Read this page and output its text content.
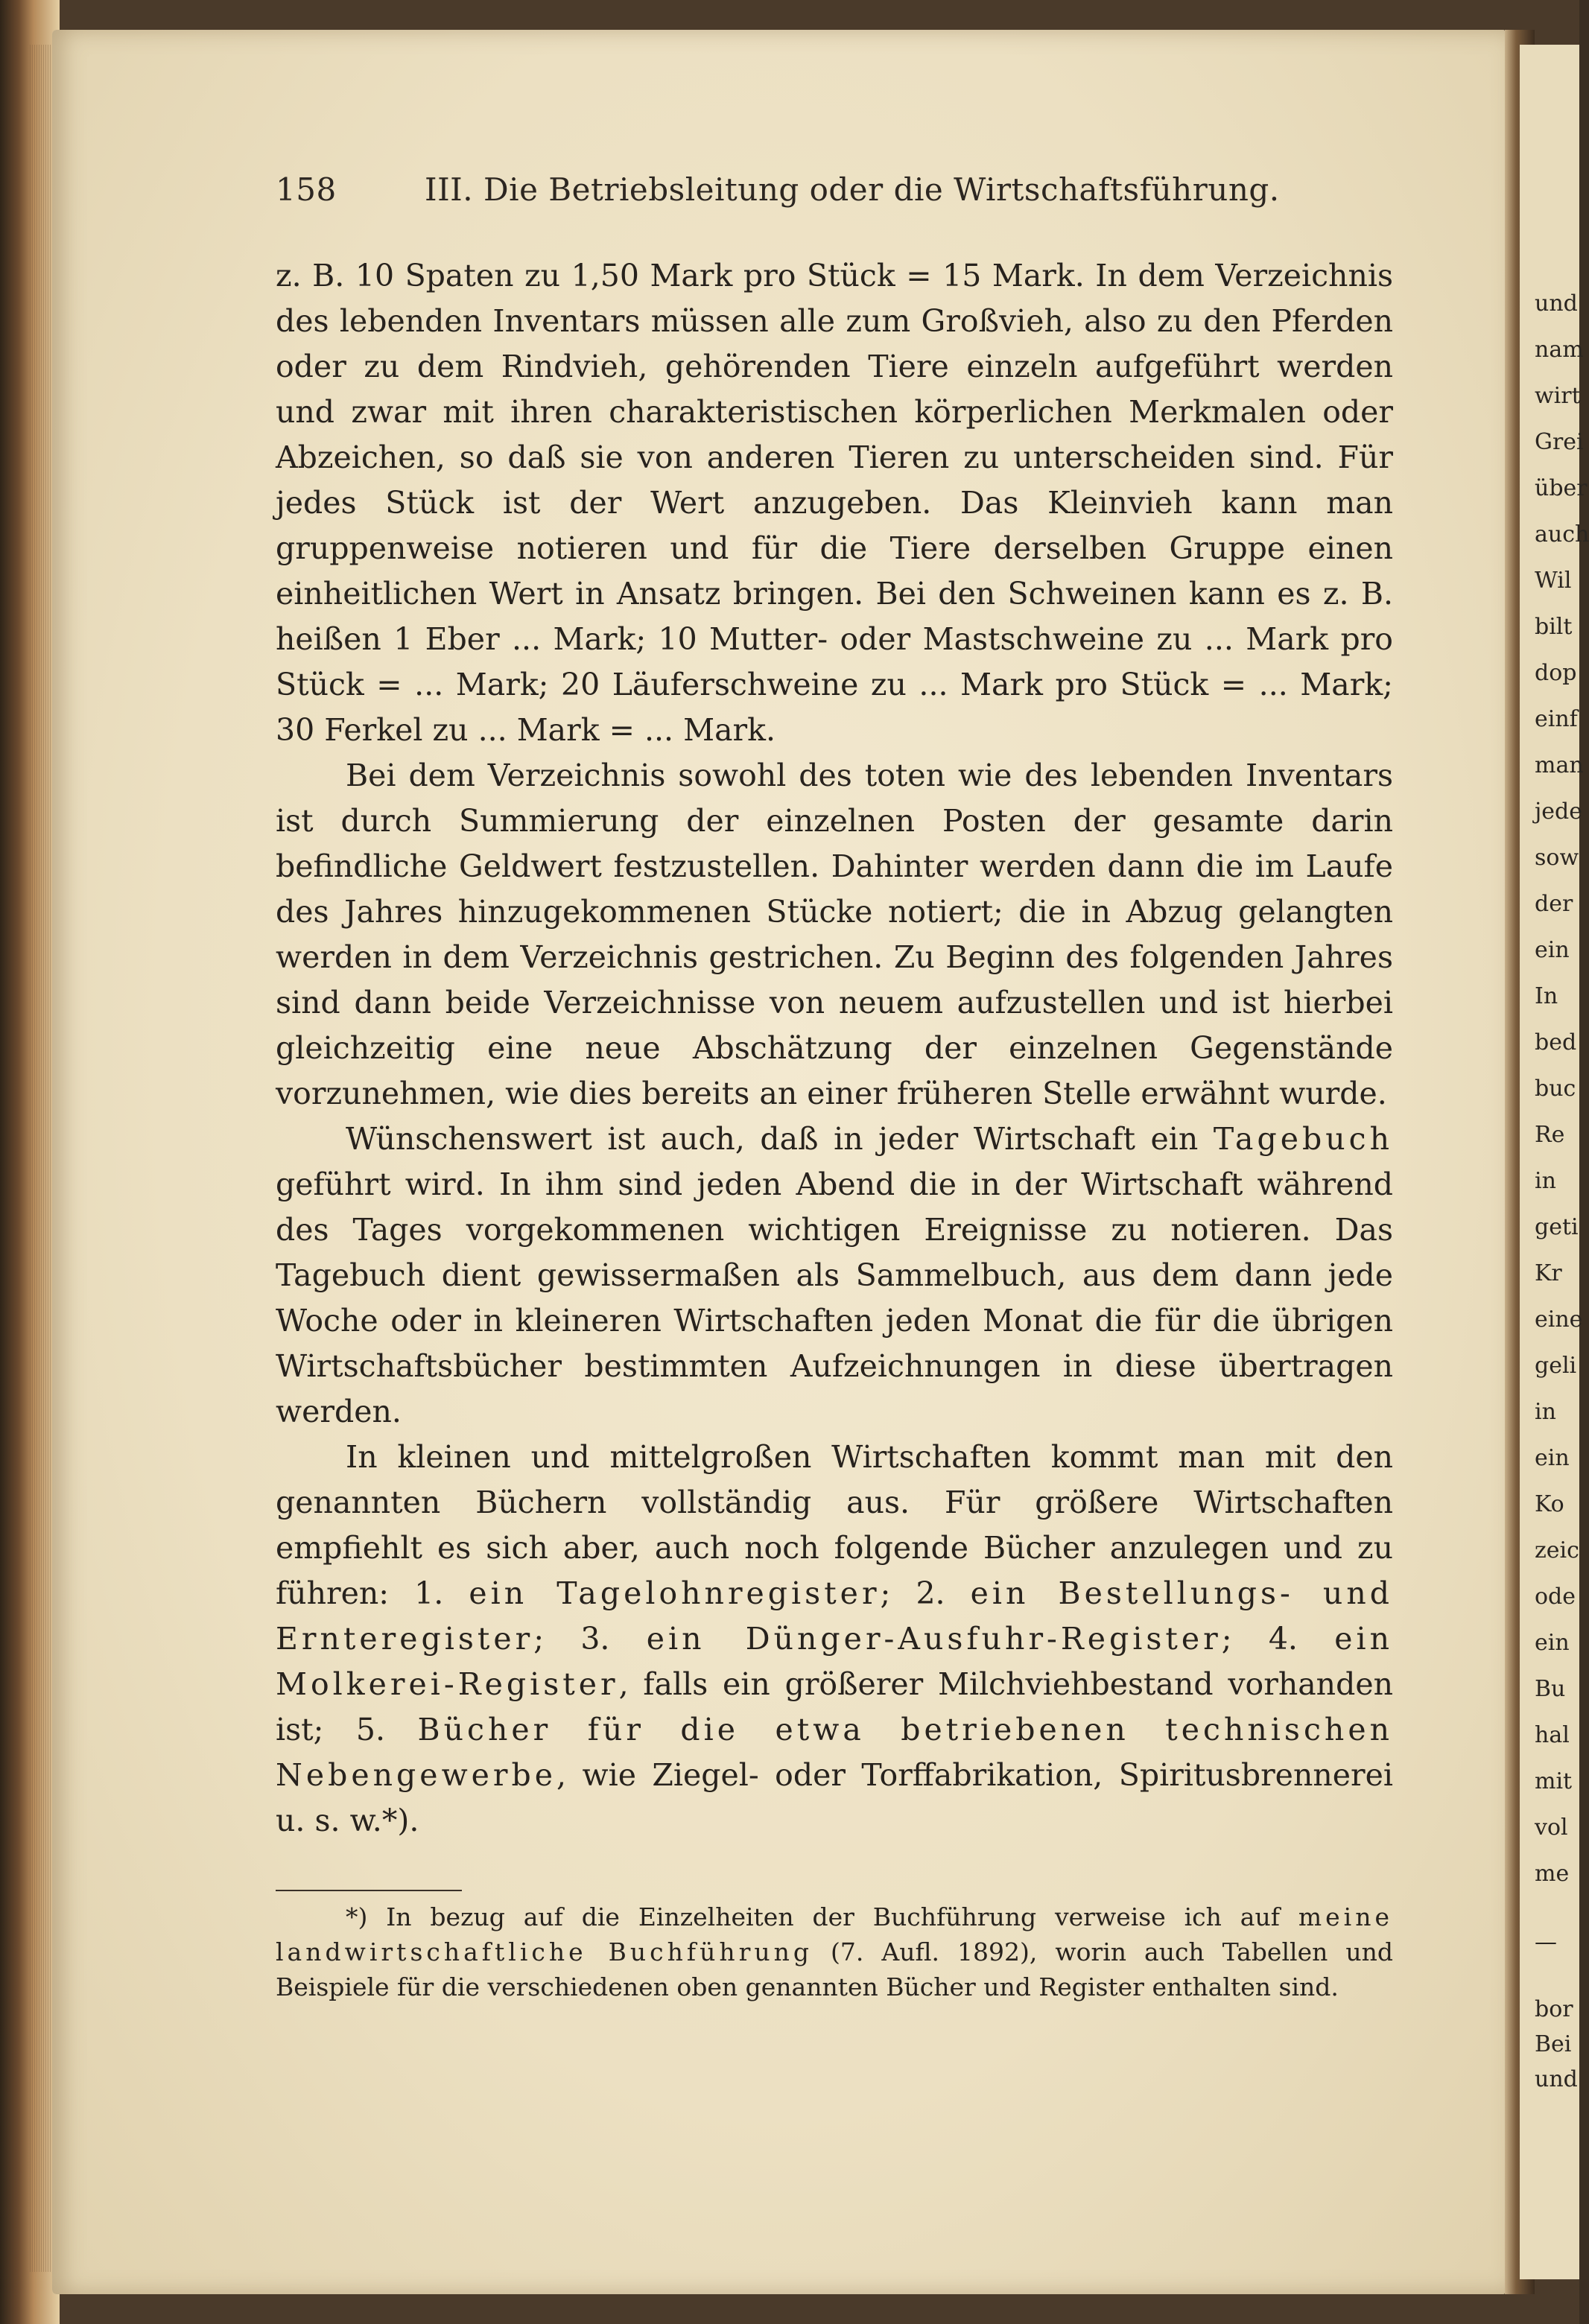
und
nam
wirt
Grei
über
auch
Wil
bilt
dop
einf
man
jede
sow
der
ein
In
bed
buc
Re
in
geti
Kr
eine
geli
in
ein
Ko
zeic
ode
ein
Bu
hal
mit
vol
me
—
bor
Bei
und
158	III. Die Betriebsleitung oder die Wirtschaftsführung.

z. B. 10 Spaten zu 1,50 Mark pro Stück = 15 Mark. In dem Verzeichnis des lebenden Inventars müssen alle zum Großvieh, also zu den Pferden oder zu dem Rindvieh, gehörenden Tiere einzeln aufgeführt werden und zwar mit ihren charakteristischen körperlichen Merkmalen oder Abzeichen, so daß sie von anderen Tieren zu unterscheiden sind. Für jedes Stück ist der Wert anzugeben. Das Kleinvieh kann man gruppenweise notieren und für die Tiere derselben Gruppe einen einheitlichen Wert in Ansatz bringen. Bei den Schweinen kann es z. B. heißen 1 Eber ... Mark; 10 Mutter- oder Mastschweine zu ... Mark pro Stück = ... Mark; 20 Läuferschweine zu ... Mark pro Stück = ... Mark; 30 Ferkel zu ... Mark = ... Mark.

Bei dem Verzeichnis sowohl des toten wie des lebenden Inventars ist durch Summierung der einzelnen Posten der gesamte darin befindliche Geldwert festzustellen. Dahinter werden dann die im Laufe des Jahres hinzugekommenen Stücke notiert; die in Abzug gelangten werden in dem Verzeichnis gestrichen. Zu Beginn des folgenden Jahres sind dann beide Verzeichnisse von neuem aufzustellen und ist hierbei gleichzeitig eine neue Abschätzung der einzelnen Gegenstände vorzunehmen, wie dies bereits an einer früheren Stelle erwähnt wurde.

Wünschenswert ist auch, daß in jeder Wirtschaft ein Tagebuch geführt wird. In ihm sind jeden Abend die in der Wirtschaft während des Tages vorgekommenen wichtigen Ereignisse zu notieren. Das Tagebuch dient gewissermaßen als Sammelbuch, aus dem dann jede Woche oder in kleineren Wirtschaften jeden Monat die für die übrigen Wirtschaftsbücher bestimmten Aufzeichnungen in diese übertragen werden.

In kleinen und mittelgroßen Wirtschaften kommt man mit den genannten Büchern vollständig aus. Für größere Wirtschaften empfiehlt es sich aber, auch noch folgende Bücher anzulegen und zu führen: 1. ein Tagelohnregister; 2. ein Bestellungs- und Ernteregister; 3. ein Dünger-Ausfuhr-Register; 4. ein Molkerei-Register, falls ein größerer Milchviehbestand vorhanden ist; 5. Bücher für die etwa betriebenen technischen Nebengewerbe, wie Ziegel- oder Torffabrikation, Spiritusbrennerei u. s. w.*).

*) In bezug auf die Einzelheiten der Buchführung verweise ich auf meine landwirtschaftliche Buchführung (7. Aufl. 1892), worin auch Tabellen und Beispiele für die verschiedenen oben genannten Bücher und Register enthalten sind.
